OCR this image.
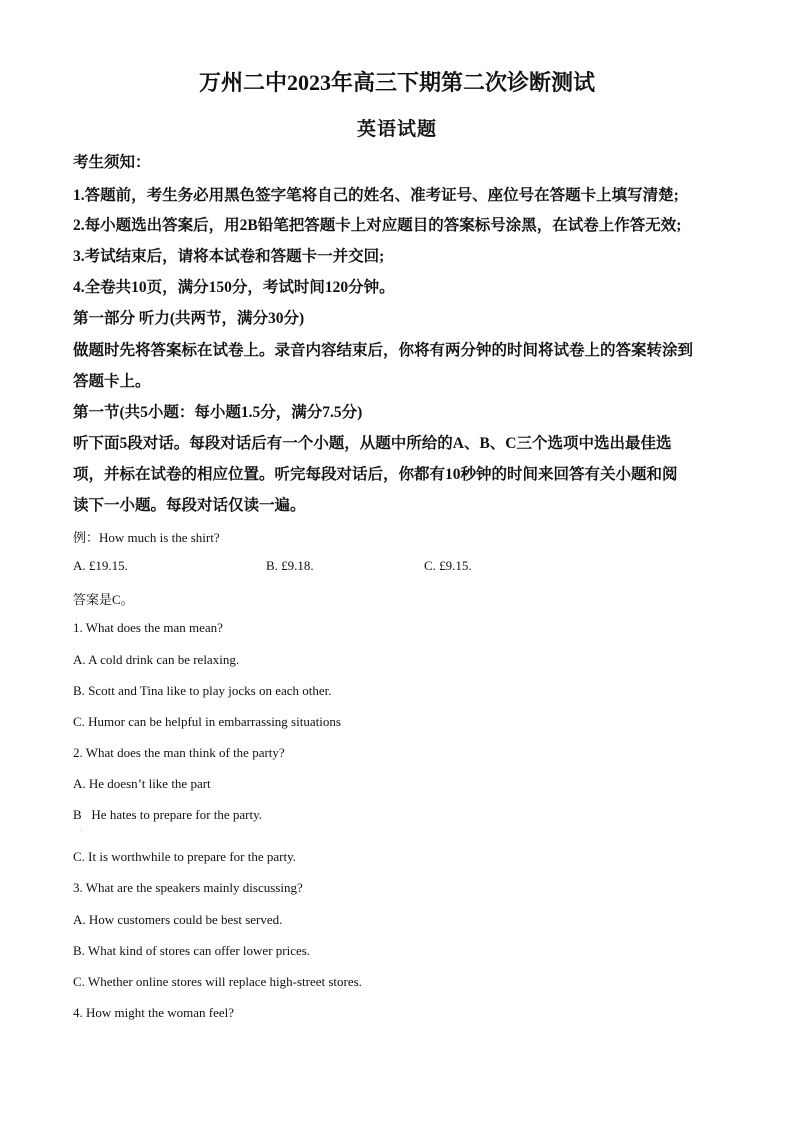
万州二中2023年高三下期第二次诊断测试
英语试题
考生须知：
1.答题前，考生务必用黑色签字笔将自己的姓名、准考证号、座位号在答题卡上填写清楚;
2.每小题选出答案后，用2B铅笔把答题卡上对应题目的答案标号涂黑，在试卷上作答无效;
3.考试结束后，请将本试卷和答题卡一并交回;
4.全卷共10页，满分150分，考试时间120分钟。
第一部分 听力(共两节，满分30分)
做题时先将答案标在试卷上。录音内容结束后，你将有两分钟的时间将试卷上的答案转涂到
答题卡上。
第一节(共5小题：每小题1.5分，满分7.5分)
听下面5段对话。每段对话后有一个小题，从题中所给的A、B、C三个选项中选出最佳选
项，并标在试卷的相应位置。听完每段对话后，你都有10秒钟的时间来回答有关小题和阅
读下一小题。每段对话仅读一遍。
例：How much is the shirt?
A. £19.15.	B. £9.18.	C. £9.15.
答案是C。
1. What does the man mean?
A. A cold drink can be relaxing.
B. Scott and Tina like to play jocks on each other.
C. Humor can be helpful in embarrassing situations
2. What does the man think of the party?
A. He doesn’t like the part
B   He hates to prepare for the party.
.
C. It is worthwhile to prepare for the party.
3. What are the speakers mainly discussing?
A. How customers could be best served.
B. What kind of stores can offer lower prices.
C. Whether online stores will replace high-street stores.
4. How might the woman feel?
